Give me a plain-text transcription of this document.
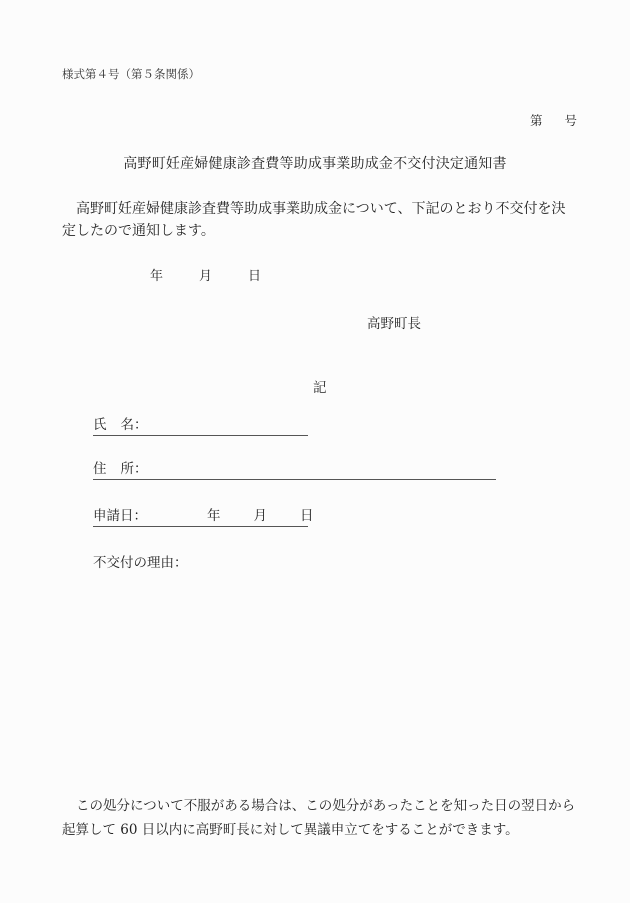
様式第４号（第５条関係）
第 号
高野町妊産婦健康診査費等助成事業助成金不交付決定通知書
高野町妊産婦健康診査費等助成事業助成金について、下記のとおり不交付を決定したので通知します。
年	月	日
高野町長
記
氏 名：
住 所：
申請日：	年 月 日
不交付の理由：
この処分について不服がある場合は、この処分があったことを知った日の翌日から起算して 60 日以内に高野町長に対して異議申立てをすることができます。
